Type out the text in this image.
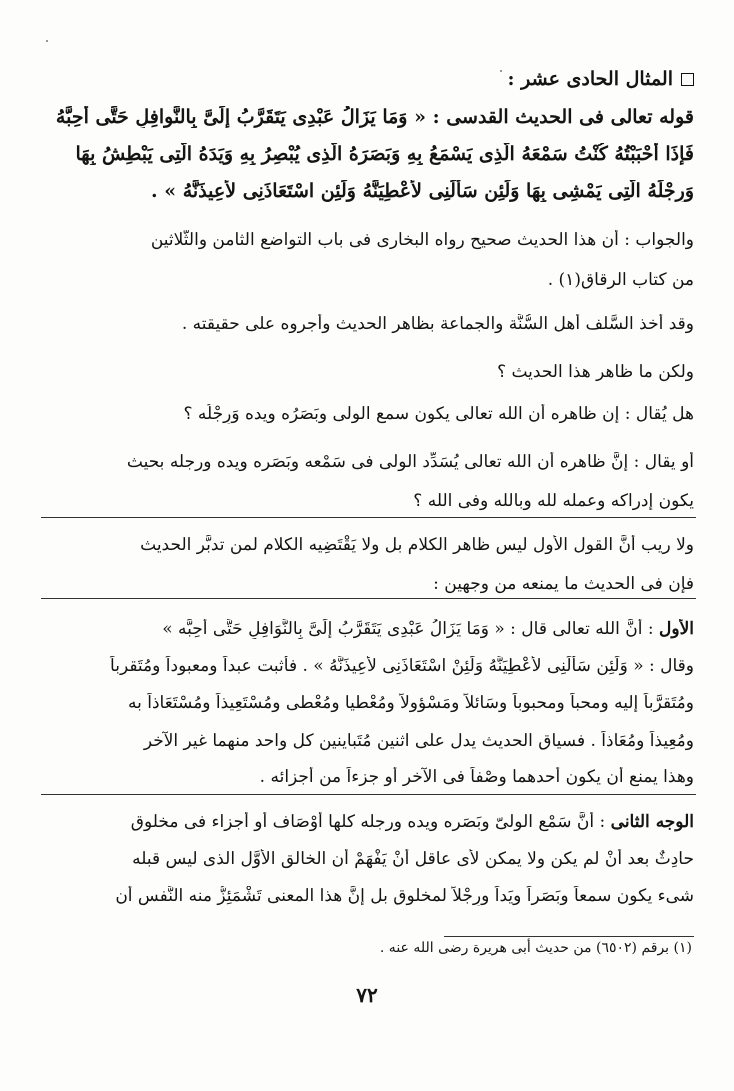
المثال الحادى عشر :
قوله تعالى فى الحديث القدسى : « وَمَا يَزَالُ عَبْدِى يَتَقَرَّبُ إِلَىَّ بِالنَّوافِلِ حَتَّى أُحِبَّهُ
فَإِذَا أَحْبَبْتُهُ كُنْتُ سَمْعَهُ الَّذِى يَسْمَعُ بِهِ وَبَصَرَهُ الَّذِى يُبْصِرُ بِهِ وَيَدَهُ الَّتِى يَبْطِشُ بِهَا
وَرِجْلَهُ الَّتِى يَمْشِى بِهَا وَلَئِن سَأَلَنِى لأُعْطِيَنَّهُ وَلَئِن اسْتَعَاذَنِى لأُعِيذَنَّهُ » .
والجواب : أن هذا الحديث صحيح رواه البخارى فى باب التواضع الثامن والثّلاثين
من كتاب الرقاق(١) .
وقد أخذ السَّلف أهل السُّنَّة والجماعة بظاهر الحديث وأجروه على حقيقته .
ولكن ما ظاهر هذا الحديث ؟
هل يُقال : إن ظاهره أن الله تعالى يكون سمع الولى وبَصَرُه ويده وَرِجْلُه ؟
أو يقال : إنَّ ظاهره أن الله تعالى يُسَدِّد الولى فى سَمْعه وبَصَره ويده ورجله بحيث
يكون إدراكه وعمله لله وبالله وفى الله ؟
ولا ريب أنَّ القول الأول ليس ظاهر الكلام بل ولا يَقْتَضِيه الكلام لمن تدبَّر الحديث
فإن فى الحديث ما يمنعه من وجهين :
الأول : أنَّ الله تعالى قال : « وَمَا يَزَالُ عَبْدِى يَتَقَرَّبُ إِلَىَّ بِالنَّوَافِلِ حَتَّى أُحِبَّه »
وقال : « وَلَئِن سَأَلَنِى لأُعْطِيَنَّهُ وَلَئِنْ اسْتَعَاذَنِى لأُعِيذَنَّهُ » . فأثبت عبداً ومعبوداً ومُتَقرباً
ومُتَقرَّباً إليه ومحباً ومحبوباً وسَائلاً ومَسْؤولاً ومُعْطيا ومُعْطى ومُسْتَعِيذاً ومُسْتَعَاذاً به
ومُعِيذاً ومُعَاذاً . فسياق الحديث يدل على اثنين مُتَباينين كل واحد منهما غير الآخر
وهذا يمنع أن يكون أحدهما وصْفاً فى الآخر أو جزءاً من أجزائه .
الوجه الثانى : أنَّ سَمْع الولىّ وبَصَره ويده ورجله كلها أوْصَاف أو أجزاء فى مخلوق
حادِثٌ بعد أنْ لم يكن ولا يمكن لأى عاقل أنْ يَفْهَمْ أن الخالق الأوَّل الذى ليس قبله
شىء يكون سمعاً وبَصَراً ويَداً ورِجْلاً لمخلوق بل إنَّ هذا المعنى تَشْمَئِزُّ منه النَّفس أن
(١) برقم (٦٥٠٢) من حديث أبى هريرة رضى الله عنه .
٧٢
